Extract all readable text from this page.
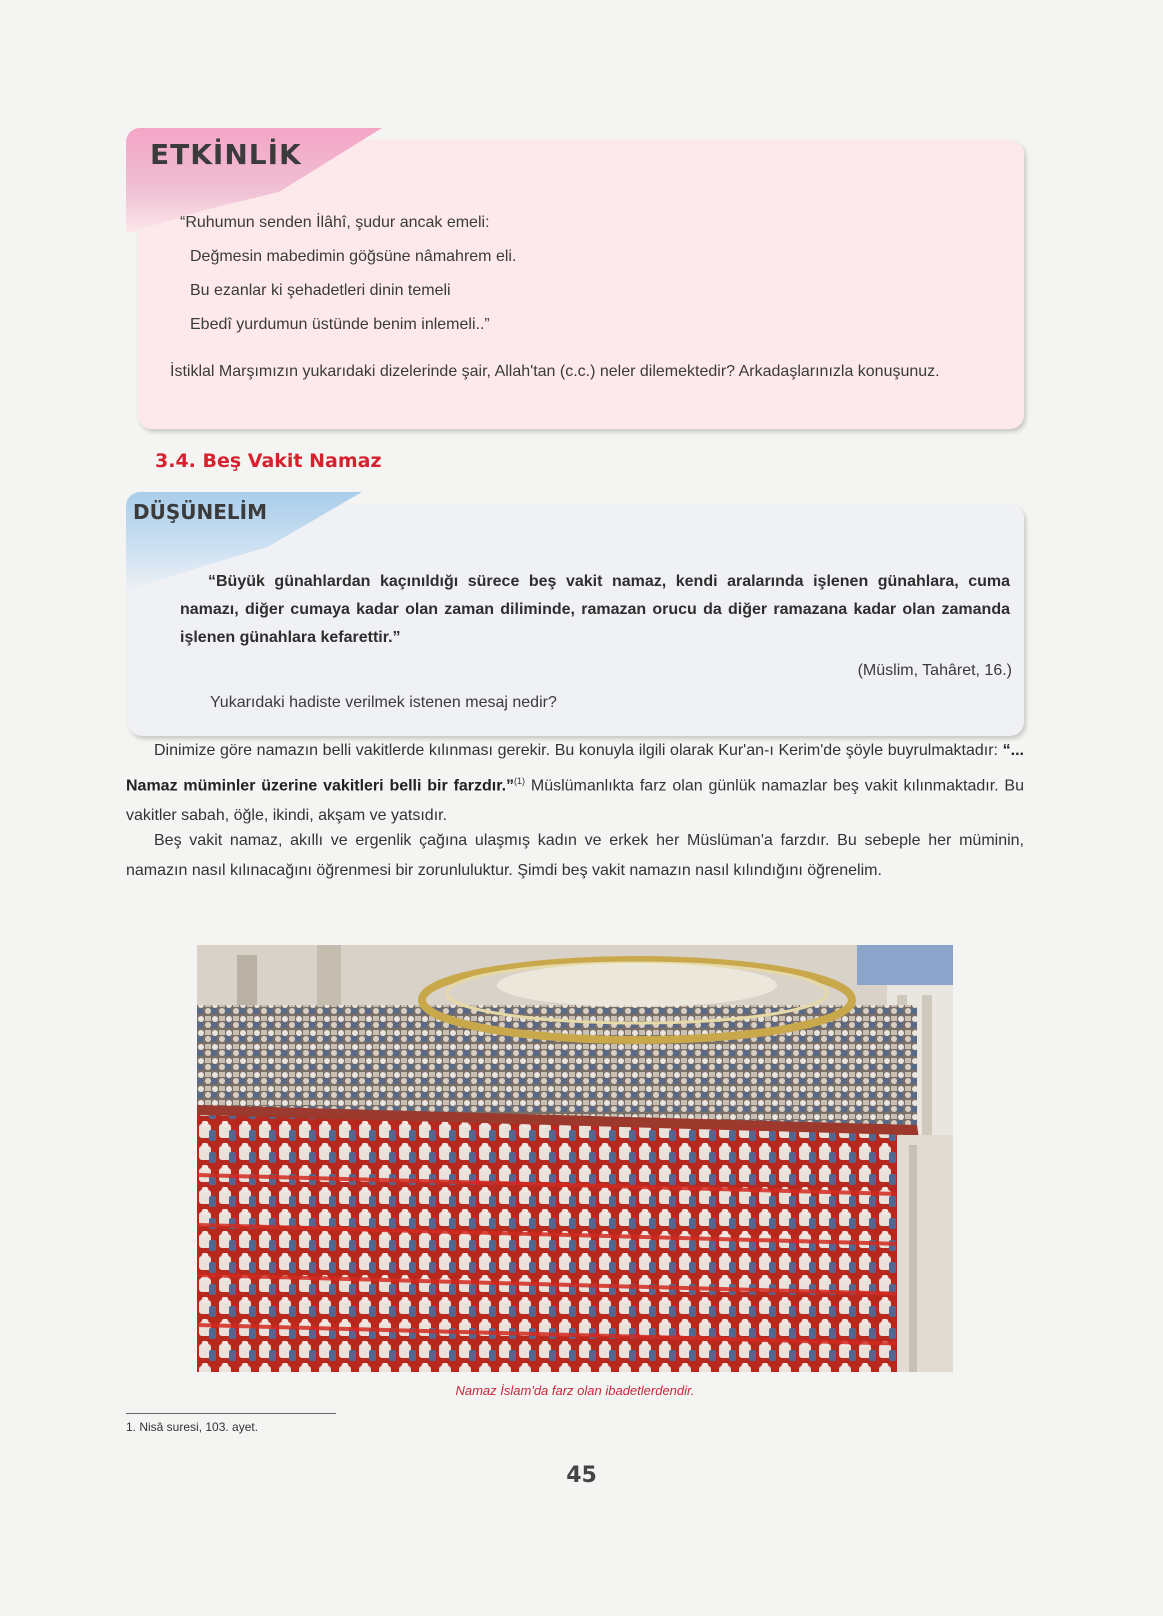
ETKİNLİK
“Ruhumun senden İlâhî, şudur ancak emeli:
Değmesin mabedimin göğsüne nâmahrem eli.
Bu ezanlar ki şehadetleri dinin temeli
Ebedî yurdumun üstünde benim inlemeli..”
İstiklal Marşımızın yukarıdaki dizelerinde şair, Allah'tan (c.c.) neler dilemektedir? Arkadaşlarınızla konuşunuz.
3.4. Beş Vakit Namaz
DÜŞÜNELİM
“Büyük günahlardan kaçınıldığı sürece beş vakit namaz, kendi aralarında işlenen günahlara, cuma namazı, diğer cumaya kadar olan zaman diliminde, ramazan orucu da diğer ramazana kadar olan zamanda işlenen günahlara kefarettir.”
(Müslim, Tahâret, 16.)
Yukarıdaki hadiste verilmek istenen mesaj nedir?
Dinimize göre namazın belli vakitlerde kılınması gerekir. Bu konuyla ilgili olarak Kur'an-ı Kerim'de şöyle buyrulmaktadır: “... Namaz müminler üzerine vakitleri belli bir farzdır.”$^{(1)}$ Müslümanlıkta farz olan günlük namazlar beş vakit kılınmaktadır. Bu vakitler sabah, öğle, ikindi, akşam ve yatsıdır.
Beş vakit namaz, akıllı ve ergenlik çağına ulaşmış kadın ve erkek her Müslüman'a farzdır. Bu sebeple her müminin, namazın nasıl kılınacağını öğrenmesi bir zorunluluktur. Şimdi beş vakit namazın nasıl kılındığını öğrenelim.
Namaz İslam'da farz olan ibadetlerdendir.
1. Nisâ suresi, 103. ayet.
45
